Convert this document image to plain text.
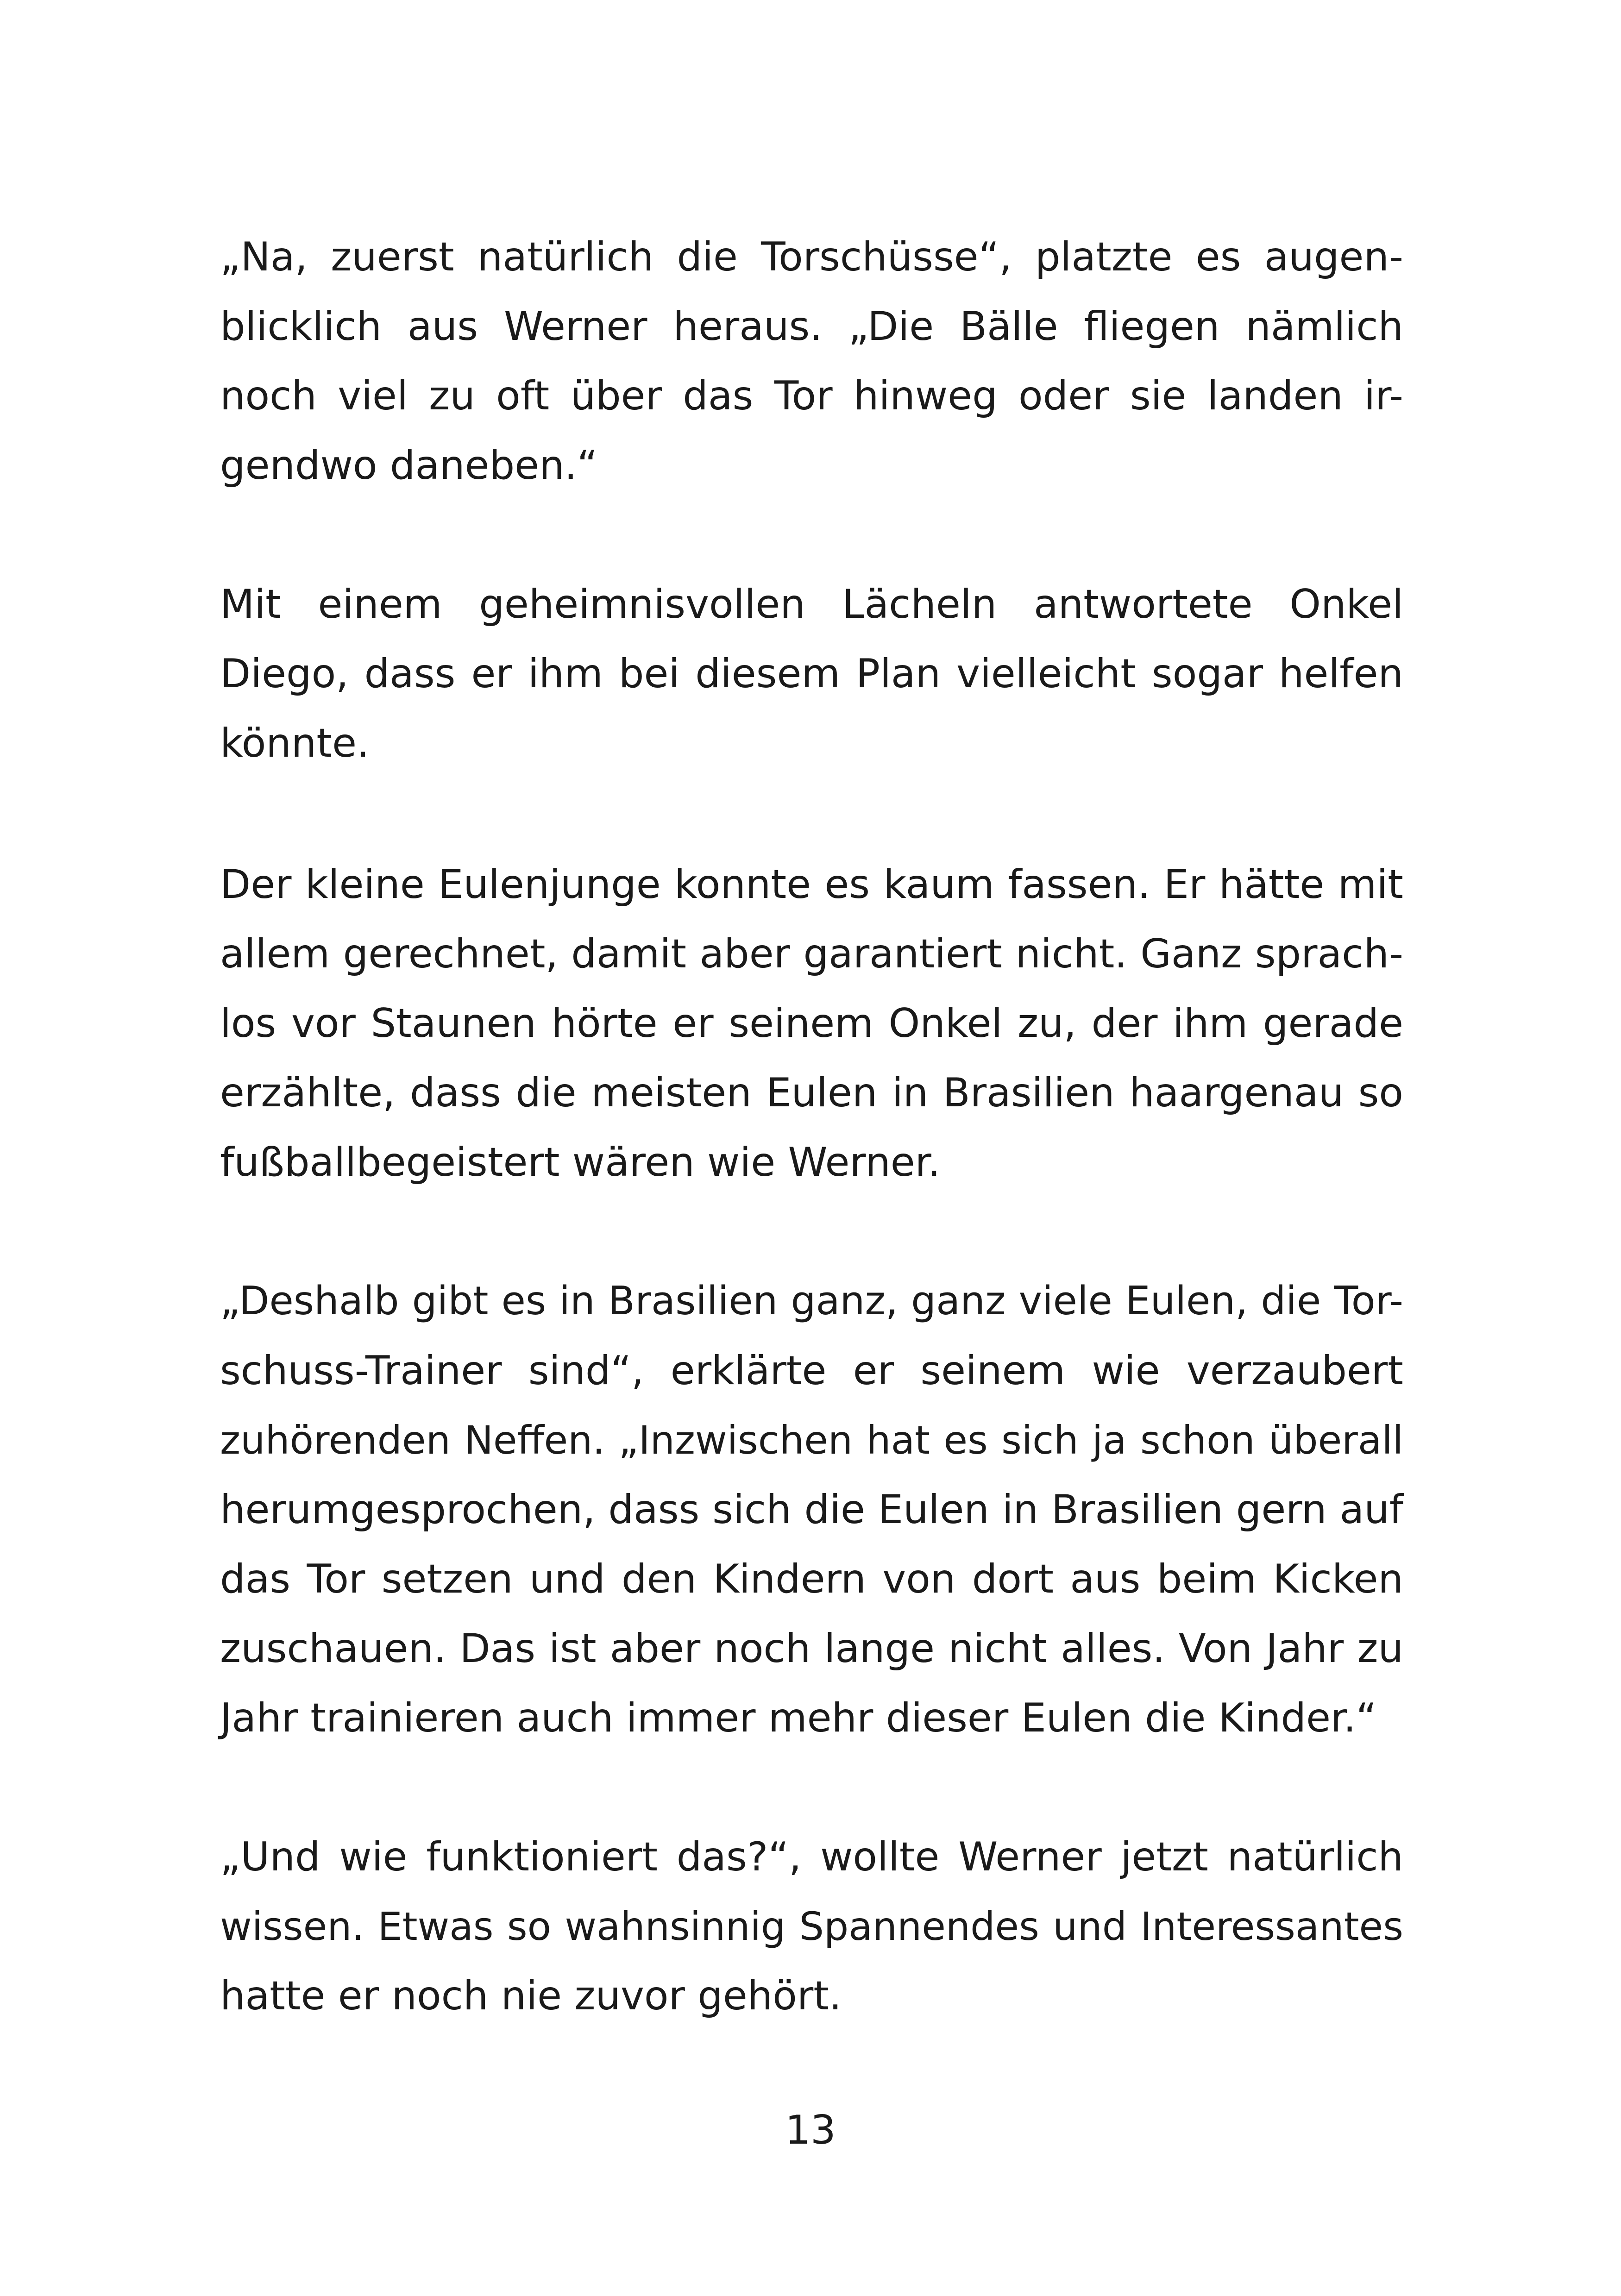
„Na, zuerst natürlich die Torschüsse“, platzte es augen-
blicklich aus Werner heraus. „Die Bälle fliegen nämlich
noch viel zu oft über das Tor hinweg oder sie landen ir-
gendwo daneben.“

Mit einem geheimnisvollen Lächeln antwortete Onkel
Diego, dass er ihm bei diesem Plan vielleicht sogar helfen
könnte.

Der kleine Eulenjunge konnte es kaum fassen. Er hätte mit
allem gerechnet, damit aber garantiert nicht. Ganz sprach-
los vor Staunen hörte er seinem Onkel zu, der ihm gerade
erzählte, dass die meisten Eulen in Brasilien haargenau so
fußballbegeistert wären wie Werner.

„Deshalb gibt es in Brasilien ganz, ganz viele Eulen, die Tor-
schuss-Trainer sind“, erklärte er seinem wie verzaubert
zuhörenden Neffen. „Inzwischen hat es sich ja schon überall
herumgesprochen, dass sich die Eulen in Brasilien gern auf
das Tor setzen und den Kindern von dort aus beim Kicken
zuschauen. Das ist aber noch lange nicht alles. Von Jahr zu
Jahr trainieren auch immer mehr dieser Eulen die Kinder.“

„Und wie funktioniert das?“, wollte Werner jetzt natürlich
wissen. Etwas so wahnsinnig Spannendes und Interessantes
hatte er noch nie zuvor gehört.

13
